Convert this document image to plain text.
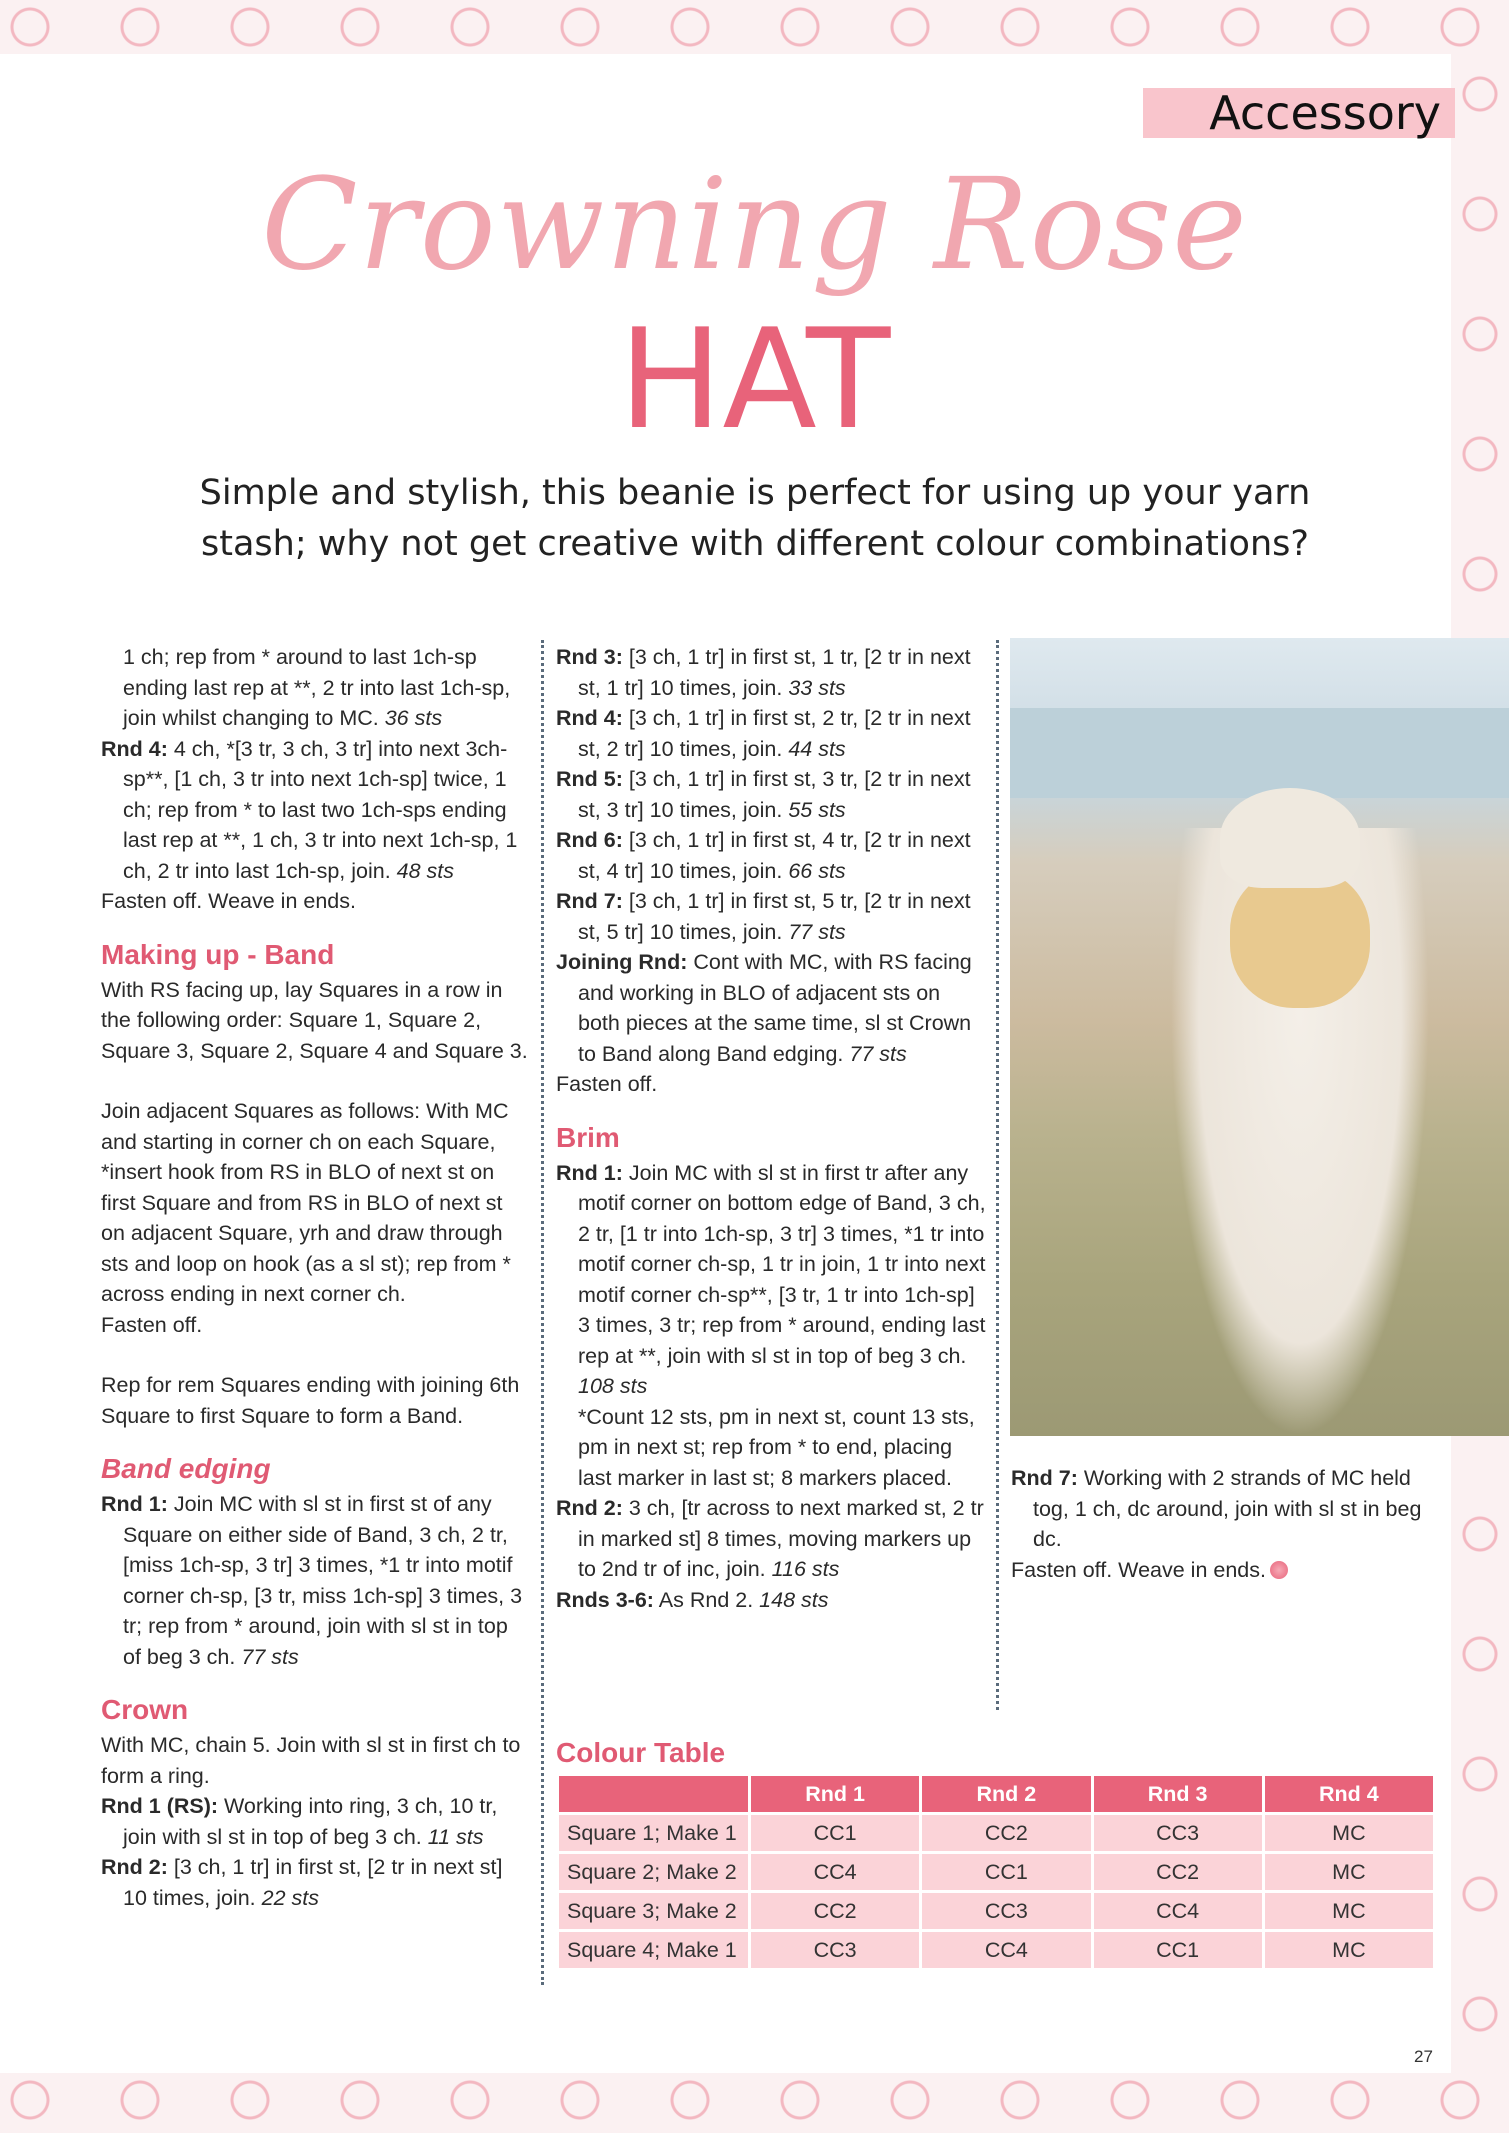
Accessory
Crowning Rose
HAT
Simple and stylish, this beanie is perfect for using up your yarn stash; why not get creative with different colour combinations?

1 ch; rep from * around to last 1ch-sp ending last rep at **, 2 tr into last 1ch-sp, join whilst changing to MC. 36 sts

Rnd 4: 4 ch, *[3 tr, 3 ch, 3 tr] into next 3ch-sp**, [1 ch, 3 tr into next 1ch-sp] twice, 1 ch; rep from * to last two 1ch-sps ending last rep at **, 1 ch, 3 tr into next 1ch-sp, 1 ch, 2 tr into last 1ch-sp, join. 48 sts

Fasten off. Weave in ends.

Making up - Band

With RS facing up, lay Squares in a row in the following order: Square 1, Square 2, Square 3, Square 2, Square 4 and Square 3.

Join adjacent Squares as follows: With MC and starting in corner ch on each Square, *insert hook from RS in BLO of next st on first Square and from RS in BLO of next st on adjacent Square, yrh and draw through sts and loop on hook (as a sl st); rep from * across ending in next corner ch.

Fasten off.

Rep for rem Squares ending with joining 6th Square to first Square to form a Band.

Band edging

Rnd 1: Join MC with sl st in first st of any Square on either side of Band, 3 ch, 2 tr, [miss 1ch-sp, 3 tr] 3 times, *1 tr into motif corner ch-sp, [3 tr, miss 1ch-sp] 3 times, 3 tr; rep from * around, join with sl st in top of beg 3 ch. 77 sts

Crown

With MC, chain 5. Join with sl st in first ch to form a ring.

Rnd 1 (RS): Working into ring, 3 ch, 10 tr, join with sl st in top of beg 3 ch. 11 sts

Rnd 2: [3 ch, 1 tr] in first st, [2 tr in next st] 10 times, join. 22 sts

Rnd 3: [3 ch, 1 tr] in first st, 1 tr, [2 tr in next st, 1 tr] 10 times, join. 33 sts

Rnd 4: [3 ch, 1 tr] in first st, 2 tr, [2 tr in next st, 2 tr] 10 times, join. 44 sts

Rnd 5: [3 ch, 1 tr] in first st, 3 tr, [2 tr in next st, 3 tr] 10 times, join. 55 sts

Rnd 6: [3 ch, 1 tr] in first st, 4 tr, [2 tr in next st, 4 tr] 10 times, join. 66 sts

Rnd 7: [3 ch, 1 tr] in first st, 5 tr, [2 tr in next st, 5 tr] 10 times, join. 77 sts

Joining Rnd: Cont with MC, with RS facing and working in BLO of adjacent sts on both pieces at the same time, sl st Crown to Band along Band edging. 77 sts

Fasten off.

Brim

Rnd 1: Join MC with sl st in first tr after any motif corner on bottom edge of Band, 3 ch, 2 tr, [1 tr into 1ch-sp, 3 tr] 3 times, *1 tr into motif corner ch-sp, 1 tr in join, 1 tr into next motif corner ch-sp**, [3 tr, 1 tr into 1ch-sp] 3 times, 3 tr; rep from * around, ending last rep at **, join with sl st in top of beg 3 ch. 108 sts

*Count 12 sts, pm in next st, count 13 sts, pm in next st; rep from * to end, placing last marker in last st; 8 markers placed.

Rnd 2: 3 ch, [tr across to next marked st, 2 tr in marked st] 8 times, moving markers up to 2nd tr of inc, join. 116 sts

Rnds 3-6: As Rnd 2. 148 sts

Rnd 7: Working with 2 strands of MC held tog, 1 ch, dc around, join with sl st in beg dc.

Fasten off. Weave in ends.

Colour Table
	Rnd 1	Rnd 2	Rnd 3	Rnd 4
Square 1; Make 1	CC1	CC2	CC3	MC
Square 2; Make 2	CC4	CC1	CC2	MC
Square 3; Make 2	CC2	CC3	CC4	MC
Square 4; Make 1	CC3	CC4	CC1	MC
27
